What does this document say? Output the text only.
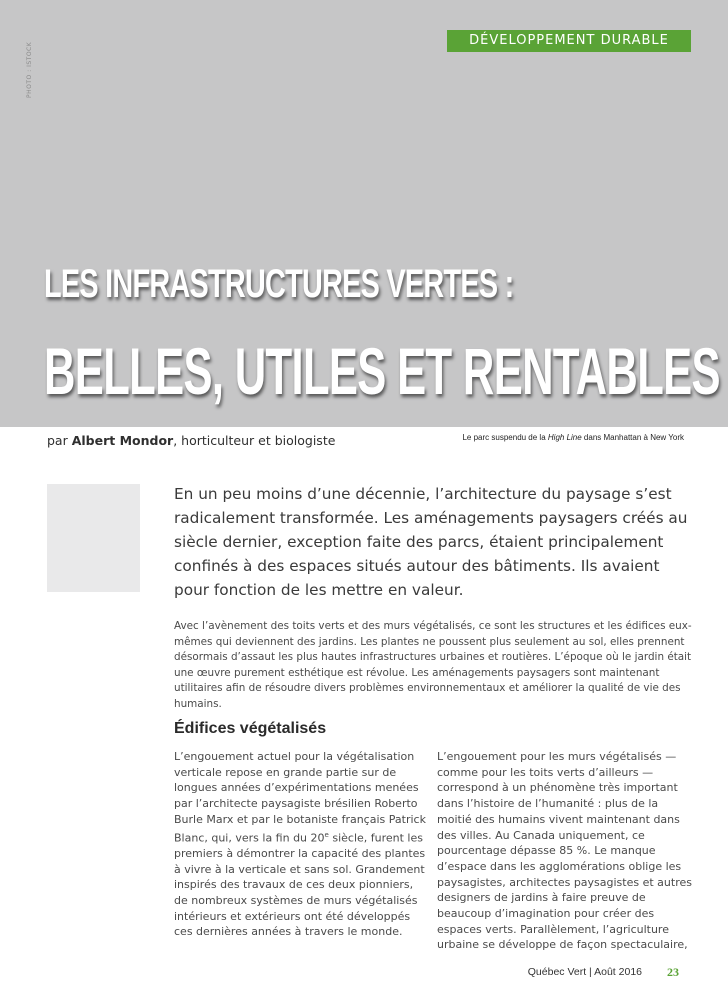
PHOTO : ISTOCK
DÉVELOPPEMENT DURABLE
LES INFRASTRUCTURES VERTES :
BELLES, UTILES ET RENTABLES
par Albert Mondor, horticulteur et biologiste	Le parc suspendu de la High Line dans Manhattan à New York
En un peu moins d’une décennie, l’architecture du paysage s’est radicalement transformée. Les aménagements paysagers créés au siècle dernier, exception faite des parcs, étaient principalement confinés à des espaces situés autour des bâtiments. Ils avaient pour fonction de les mettre en valeur.
Avec l’avènement des toits verts et des murs végétalisés, ce sont les structures et les édifices eux-mêmes qui deviennent des jardins. Les plantes ne poussent plus seulement au sol, elles prennent désormais d’assaut les plus hautes infrastructures urbaines et routières. L’époque où le jardin était une œuvre purement esthétique est révolue. Les aménagements paysagers sont maintenant utilitaires afin de résoudre divers problèmes environnementaux et améliorer la qualité de vie des humains.
Édifices végétalisés

L’engouement actuel pour la végétalisation verticale repose en grande partie sur de longues années d’expérimentations menées par l’architecte paysagiste brésilien Roberto Burle Marx et par le botaniste français Patrick Blanc, qui, vers la fin du 20e siècle, furent les premiers à démontrer la capacité des plantes à vivre à la verticale et sans sol. Grandement inspirés des travaux de ces deux pionniers, de nombreux systèmes de murs végétalisés intérieurs et extérieurs ont été développés ces dernières années à travers le monde.

L’engouement pour les murs végétalisés — comme pour les toits verts d’ailleurs — correspond à un phénomène très important dans l’histoire de l’humanité : plus de la moitié des humains vivent maintenant dans des villes. Au Canada uniquement, ce pourcentage dépasse 85 %. Le manque d’espace dans les agglomérations oblige les paysagistes, architectes paysagistes et autres designers de jardins à faire preuve de beaucoup d’imagination pour créer des espaces verts. Parallèlement, l’agriculture urbaine se développe de façon spectaculaire,

Québec Vert | Août 2016 23
